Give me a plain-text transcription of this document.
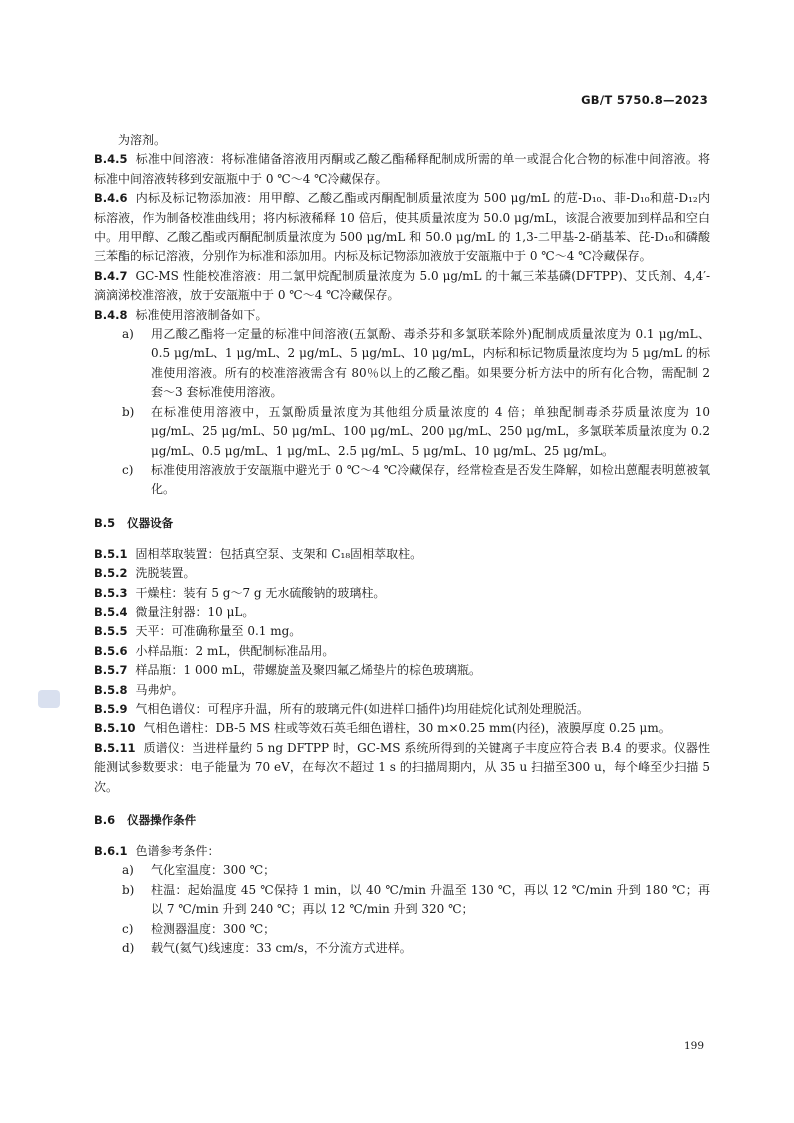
GB/T 5750.8—2023

为溶剂。

B.4.5 标准中间溶液：将标准储备溶液用丙酮或乙酸乙酯稀释配制成所需的单一或混合化合物的标准中间溶液。将标准中间溶液转移到安瓿瓶中于 0 ℃～4 ℃冷藏保存。

B.4.6 内标及标记物添加液：用甲醇、乙酸乙酯或丙酮配制质量浓度为 500 μg/mL 的苊-D₁₀、菲-D₁₀和䓛-D₁₂内标溶液，作为制备校准曲线用；将内标液稀释 10 倍后，使其质量浓度为 50.0 μg/mL，该混合液要加到样品和空白中。用甲醇、乙酸乙酯或丙酮配制质量浓度为 500 μg/mL 和 50.0 μg/mL 的 1,3-二甲基-2-硝基苯、芘-D₁₀和磷酸三苯酯的标记溶液，分别作为标准和添加用。内标及标记物添加液放于安瓿瓶中于 0 ℃～4 ℃冷藏保存。

B.4.7 GC-MS 性能校准溶液：用二氯甲烷配制质量浓度为 5.0 μg/mL 的十氟三苯基磷(DFTPP)、艾氏剂、4,4′-滴滴涕校准溶液，放于安瓿瓶中于 0 ℃～4 ℃冷藏保存。

B.4.8 标准使用溶液制备如下。

a) 用乙酸乙酯将一定量的标准中间溶液(五氯酚、毒杀芬和多氯联苯除外)配制成质量浓度为 0.1 μg/mL、0.5 μg/mL、1 μg/mL、2 μg/mL、5 μg/mL、10 μg/mL，内标和标记物质量浓度均为 5 μg/mL 的标准使用溶液。所有的校准溶液需含有 80％以上的乙酸乙酯。如果要分析方法中的所有化合物，需配制 2 套～3 套标准使用溶液。

b) 在标准使用溶液中，五氯酚质量浓度为其他组分质量浓度的 4 倍；单独配制毒杀芬质量浓度为 10 μg/mL、25 μg/mL、50 μg/mL、100 μg/mL、200 μg/mL、250 μg/mL，多氯联苯质量浓度为 0.2 μg/mL、0.5 μg/mL、1 μg/mL、2.5 μg/mL、5 μg/mL、10 μg/mL、25 μg/mL。

c) 标准使用溶液放于安瓿瓶中避光于 0 ℃～4 ℃冷藏保存，经常检查是否发生降解，如检出蒽醌表明蒽被氧化。

B.5 仪器设备

B.5.1 固相萃取装置：包括真空泵、支架和 C₁₈固相萃取柱。

B.5.2 洗脱装置。

B.5.3 干燥柱：装有 5 g～7 g 无水硫酸钠的玻璃柱。

B.5.4 微量注射器：10 μL。

B.5.5 天平：可准确称量至 0.1 mg。

B.5.6 小样品瓶：2 mL，供配制标准品用。

B.5.7 样品瓶：1 000 mL，带螺旋盖及聚四氟乙烯垫片的棕色玻璃瓶。

B.5.8 马弗炉。

B.5.9 气相色谱仪：可程序升温，所有的玻璃元件(如进样口插件)均用硅烷化试剂处理脱活。

B.5.10 气相色谱柱：DB-5 MS 柱或等效石英毛细色谱柱，30 m×0.25 mm(内径)，液膜厚度 0.25 μm。

B.5.11 质谱仪：当进样量约 5 ng DFTPP 时，GC-MS 系统所得到的关键离子丰度应符合表 B.4 的要求。仪器性能测试参数要求：电子能量为 70 eV，在每次不超过 1 s 的扫描周期内，从 35 u 扫描至300 u，每个峰至少扫描 5 次。

B.6 仪器操作条件

B.6.1 色谱参考条件：

a) 气化室温度：300 ℃；

b) 柱温：起始温度 45 ℃保持 1 min，以 40 ℃/min 升温至 130 ℃，再以 12 ℃/min 升到 180 ℃；再以 7 ℃/min 升到 240 ℃；再以 12 ℃/min 升到 320 ℃；

c) 检测器温度：300 ℃；

d) 载气(氦气)线速度：33 cm/s，不分流方式进样。

199
